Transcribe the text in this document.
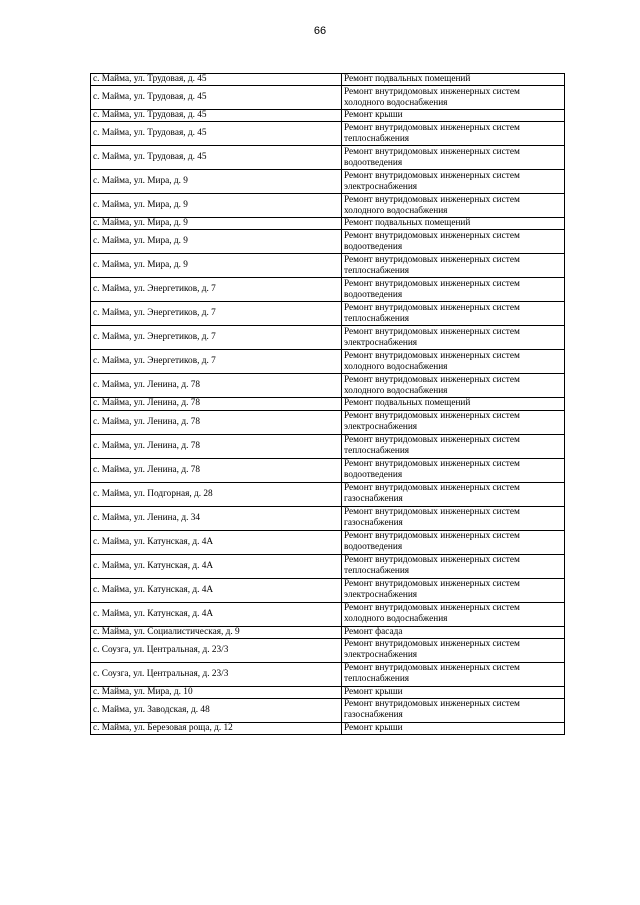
66
с. Майма, ул. Трудовая, д. 45	Ремонт подвальных помещений
с. Майма, ул. Трудовая, д. 45	Ремонт внутридомовых инженерных систем холодного водоснабжения
с. Майма, ул. Трудовая, д. 45	Ремонт крыши
с. Майма, ул. Трудовая, д. 45	Ремонт внутридомовых инженерных систем теплоснабжения
с. Майма, ул. Трудовая, д. 45	Ремонт внутридомовых инженерных систем водоотведения
с. Майма, ул. Мира, д. 9	Ремонт внутридомовых инженерных систем электроснабжения
с. Майма, ул. Мира, д. 9	Ремонт внутридомовых инженерных систем холодного водоснабжения
с. Майма, ул. Мира, д. 9	Ремонт подвальных помещений
с. Майма, ул. Мира, д. 9	Ремонт внутридомовых инженерных систем водоотведения
с. Майма, ул. Мира, д. 9	Ремонт внутридомовых инженерных систем теплоснабжения
с. Майма, ул. Энергетиков, д. 7	Ремонт внутридомовых инженерных систем водоотведения
с. Майма, ул. Энергетиков, д. 7	Ремонт внутридомовых инженерных систем теплоснабжения
с. Майма, ул. Энергетиков, д. 7	Ремонт внутридомовых инженерных систем электроснабжения
с. Майма, ул. Энергетиков, д. 7	Ремонт внутридомовых инженерных систем холодного водоснабжения
с. Майма, ул. Ленина, д. 78	Ремонт внутридомовых инженерных систем холодного водоснабжения
с. Майма, ул. Ленина, д. 78	Ремонт подвальных помещений
с. Майма, ул. Ленина, д. 78	Ремонт внутридомовых инженерных систем электроснабжения
с. Майма, ул. Ленина, д. 78	Ремонт внутридомовых инженерных систем теплоснабжения
с. Майма, ул. Ленина, д. 78	Ремонт внутридомовых инженерных систем водоотведения
с. Майма, ул. Подгорная, д. 28	Ремонт внутридомовых инженерных систем газоснабжения
с. Майма, ул. Ленина, д. 34	Ремонт внутридомовых инженерных систем газоснабжения
с. Майма, ул. Катунская, д. 4А	Ремонт внутридомовых инженерных систем водоотведения
с. Майма, ул. Катунская, д. 4А	Ремонт внутридомовых инженерных систем теплоснабжения
с. Майма, ул. Катунская, д. 4А	Ремонт внутридомовых инженерных систем электроснабжения
с. Майма, ул. Катунская, д. 4А	Ремонт внутридомовых инженерных систем холодного водоснабжения
с. Майма, ул. Социалистическая, д. 9	Ремонт фасада
с. Соузга, ул. Центральная, д. 23/3	Ремонт внутридомовых инженерных систем электроснабжения
с. Соузга, ул. Центральная, д. 23/3	Ремонт внутридомовых инженерных систем теплоснабжения
с. Майма, ул. Мира, д. 10	Ремонт крыши
с. Майма, ул. Заводская, д. 48	Ремонт внутридомовых инженерных систем газоснабжения
с. Майма, ул. Березовая роща, д. 12	Ремонт крыши
